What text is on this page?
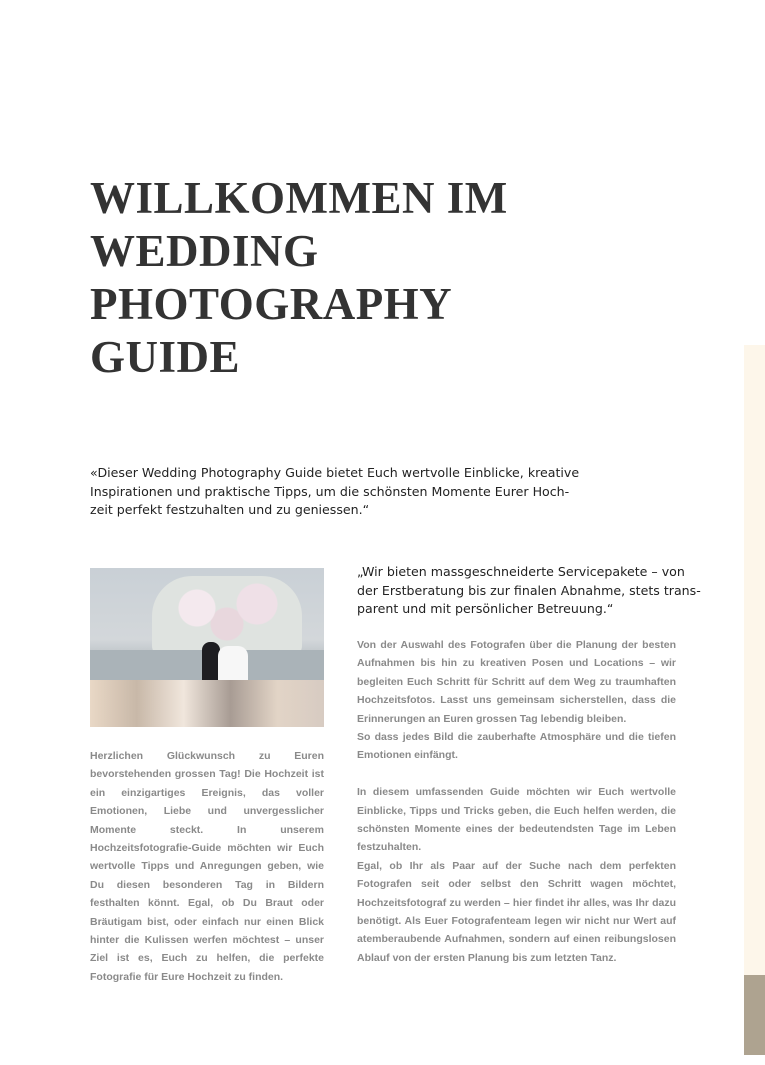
WILLKOMMEN IM
WEDDING
PHOTOGRAPHY
GUIDE

«Dieser Wedding Photography Guide bietet Euch wertvolle Einblicke, kreative
Inspirationen und praktische Tipps, um die schönsten Momente Eurer Hoch-
zeit perfekt festzuhalten und zu geniessen.“

„Wir bieten massgeschneiderte Servicepakete – von
der Erstberatung bis zur finalen Abnahme, stets trans-
parent und mit persönlicher Betreuung.“

Herzlichen Glückwunsch zu Euren bevorstehenden grossen Tag! Die Hochzeit ist ein einzigartiges Ereignis, das voller Emotionen, Liebe und unvergesslicher Momente steckt. In unserem Hochzeitsfotografie-Guide möchten wir Euch wertvolle Tipps und Anregungen geben, wie Du diesen besonderen Tag in Bildern festhalten könnt. Egal, ob Du Braut oder Bräutigam bist, oder einfach nur einen Blick hinter die Kulissen werfen möchtest – unser Ziel ist es, Euch zu helfen, die perfekte Fotografie für Eure Hochzeit zu finden.

Von der Auswahl des Fotografen über die Planung der besten Aufnahmen bis hin zu kreativen Posen und Locations – wir begleiten Euch Schritt für Schritt auf dem Weg zu traumhaften Hochzeitsfotos. Lasst uns gemeinsam sicherstellen, dass die Erinnerungen an Euren grossen Tag lebendig bleiben.

So dass jedes Bild die zauberhafte Atmosphäre und die tiefen Emotionen einfängt.

In diesem umfassenden Guide möchten wir Euch wertvolle Einblicke, Tipps und Tricks geben, die Euch helfen werden, die schönsten Momente eines der bedeutendsten Tage im Leben festzuhalten.

Egal, ob Ihr als Paar auf der Suche nach dem perfekten Fotografen seit oder selbst den Schritt wagen möchtet, Hochzeitsfotograf zu werden – hier findet ihr alles, was Ihr dazu benötigt. Als Euer Fotografenteam legen wir nicht nur Wert auf atemberaubende Aufnahmen, sondern auf einen reibungslosen Ablauf von der ersten Planung bis zum letzten Tanz.
